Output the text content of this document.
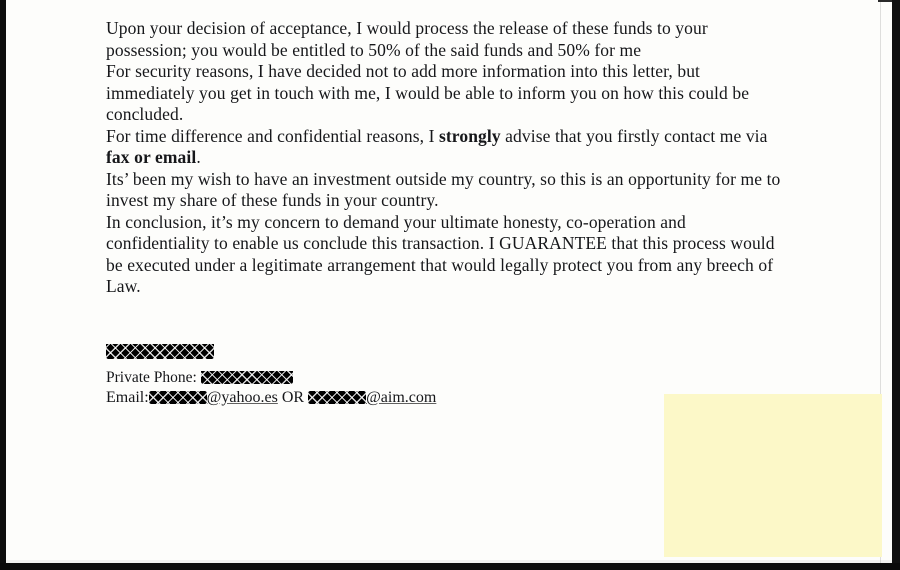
Upon your decision of acceptance, I would process the release of these funds to your possession; you would be entitled to 50% of the said funds and 50% for me

For security reasons, I have decided not to add more information into this letter, but immediately you get in touch with me, I would be able to inform you on how this could be concluded.

For time difference and confidential reasons, I strongly advise that you firstly contact me via fax or email.

Its’ been my wish to have an investment outside my country, so this is an opportunity for me to invest my share of these funds in your country.

In conclusion, it’s my concern to demand your ultimate honesty, co-operation and confidentiality to enable us conclude this transaction. I GUARANTEE that this process would be executed under a legitimate arrangement that would legally protect you from any breech of Law.

Private Phone:
Email:	@yahoo.es OR	@aim.com
